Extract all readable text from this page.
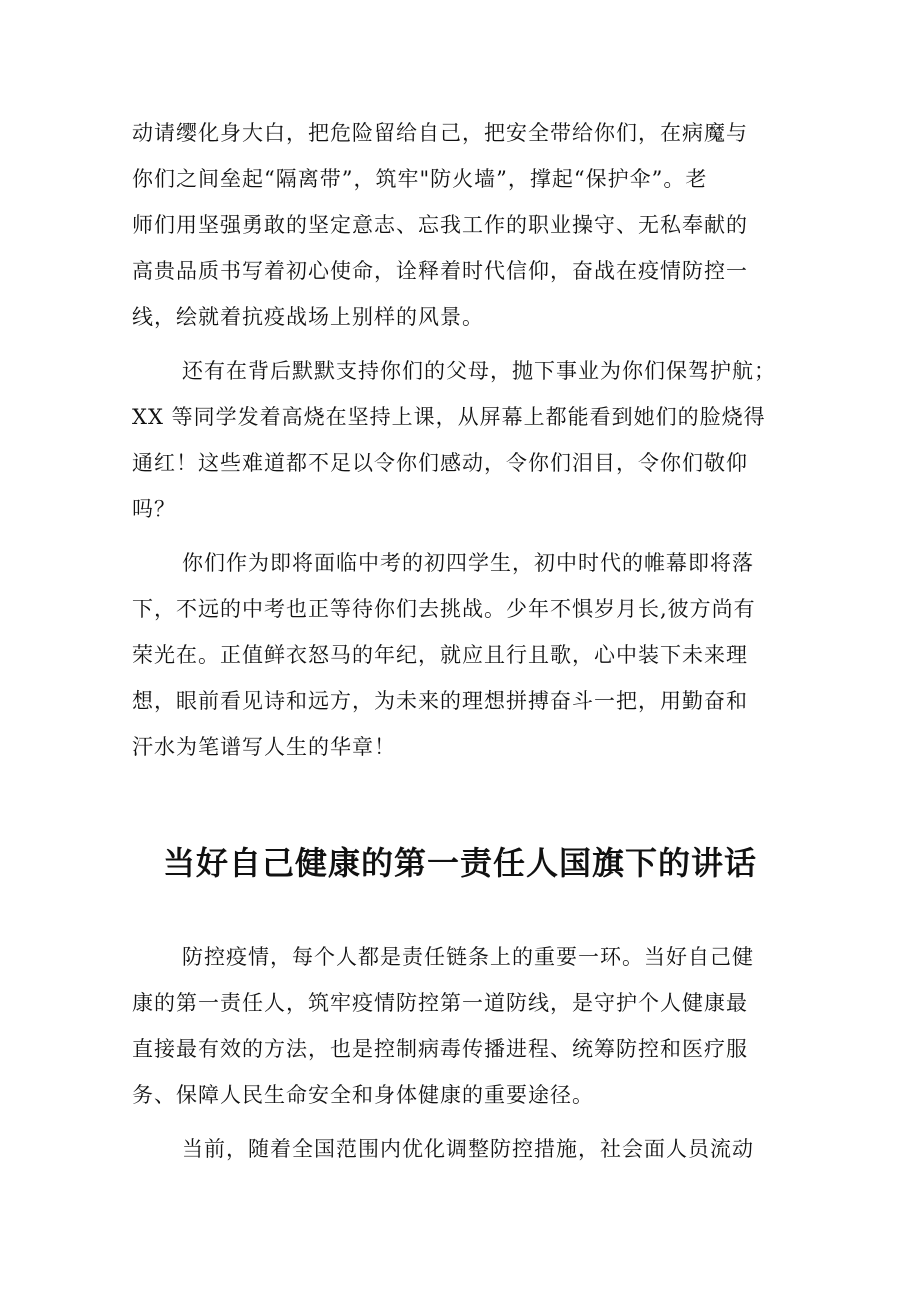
动请缨化身大白，把危险留给自己，把安全带给你们，在病魔与
你们之间垒起“隔离带”，筑牢"防火墙”，撑起“保护伞”。老
师们用坚强勇敢的坚定意志、忘我工作的职业操守、无私奉献的
高贵品质书写着初心使命，诠释着时代信仰，奋战在疫情防控一
线，绘就着抗疫战场上别样的风景。
还有在背后默默支持你们的父母，抛下事业为你们保驾护航；
XX 等同学发着高烧在坚持上课，从屏幕上都能看到她们的脸烧得
通红！这些难道都不足以令你们感动，令你们泪目，令你们敬仰
吗？
你们作为即将面临中考的初四学生，初中时代的帷幕即将落
下，不远的中考也正等待你们去挑战。少年不惧岁月长,彼方尚有
荣光在。正值鲜衣怒马的年纪，就应且行且歌，心中装下未来理
想，眼前看见诗和远方，为未来的理想拼搏奋斗一把，用勤奋和
汗水为笔谱写人生的华章！
当好自己健康的第一责任人国旗下的讲话
防控疫情，每个人都是责任链条上的重要一环。当好自己健
康的第一责任人，筑牢疫情防控第一道防线，是守护个人健康最
直接最有效的方法，也是控制病毒传播进程、统筹防控和医疗服
务、保障人民生命安全和身体健康的重要途径。
当前，随着全国范围内优化调整防控措施，社会面人员流动
